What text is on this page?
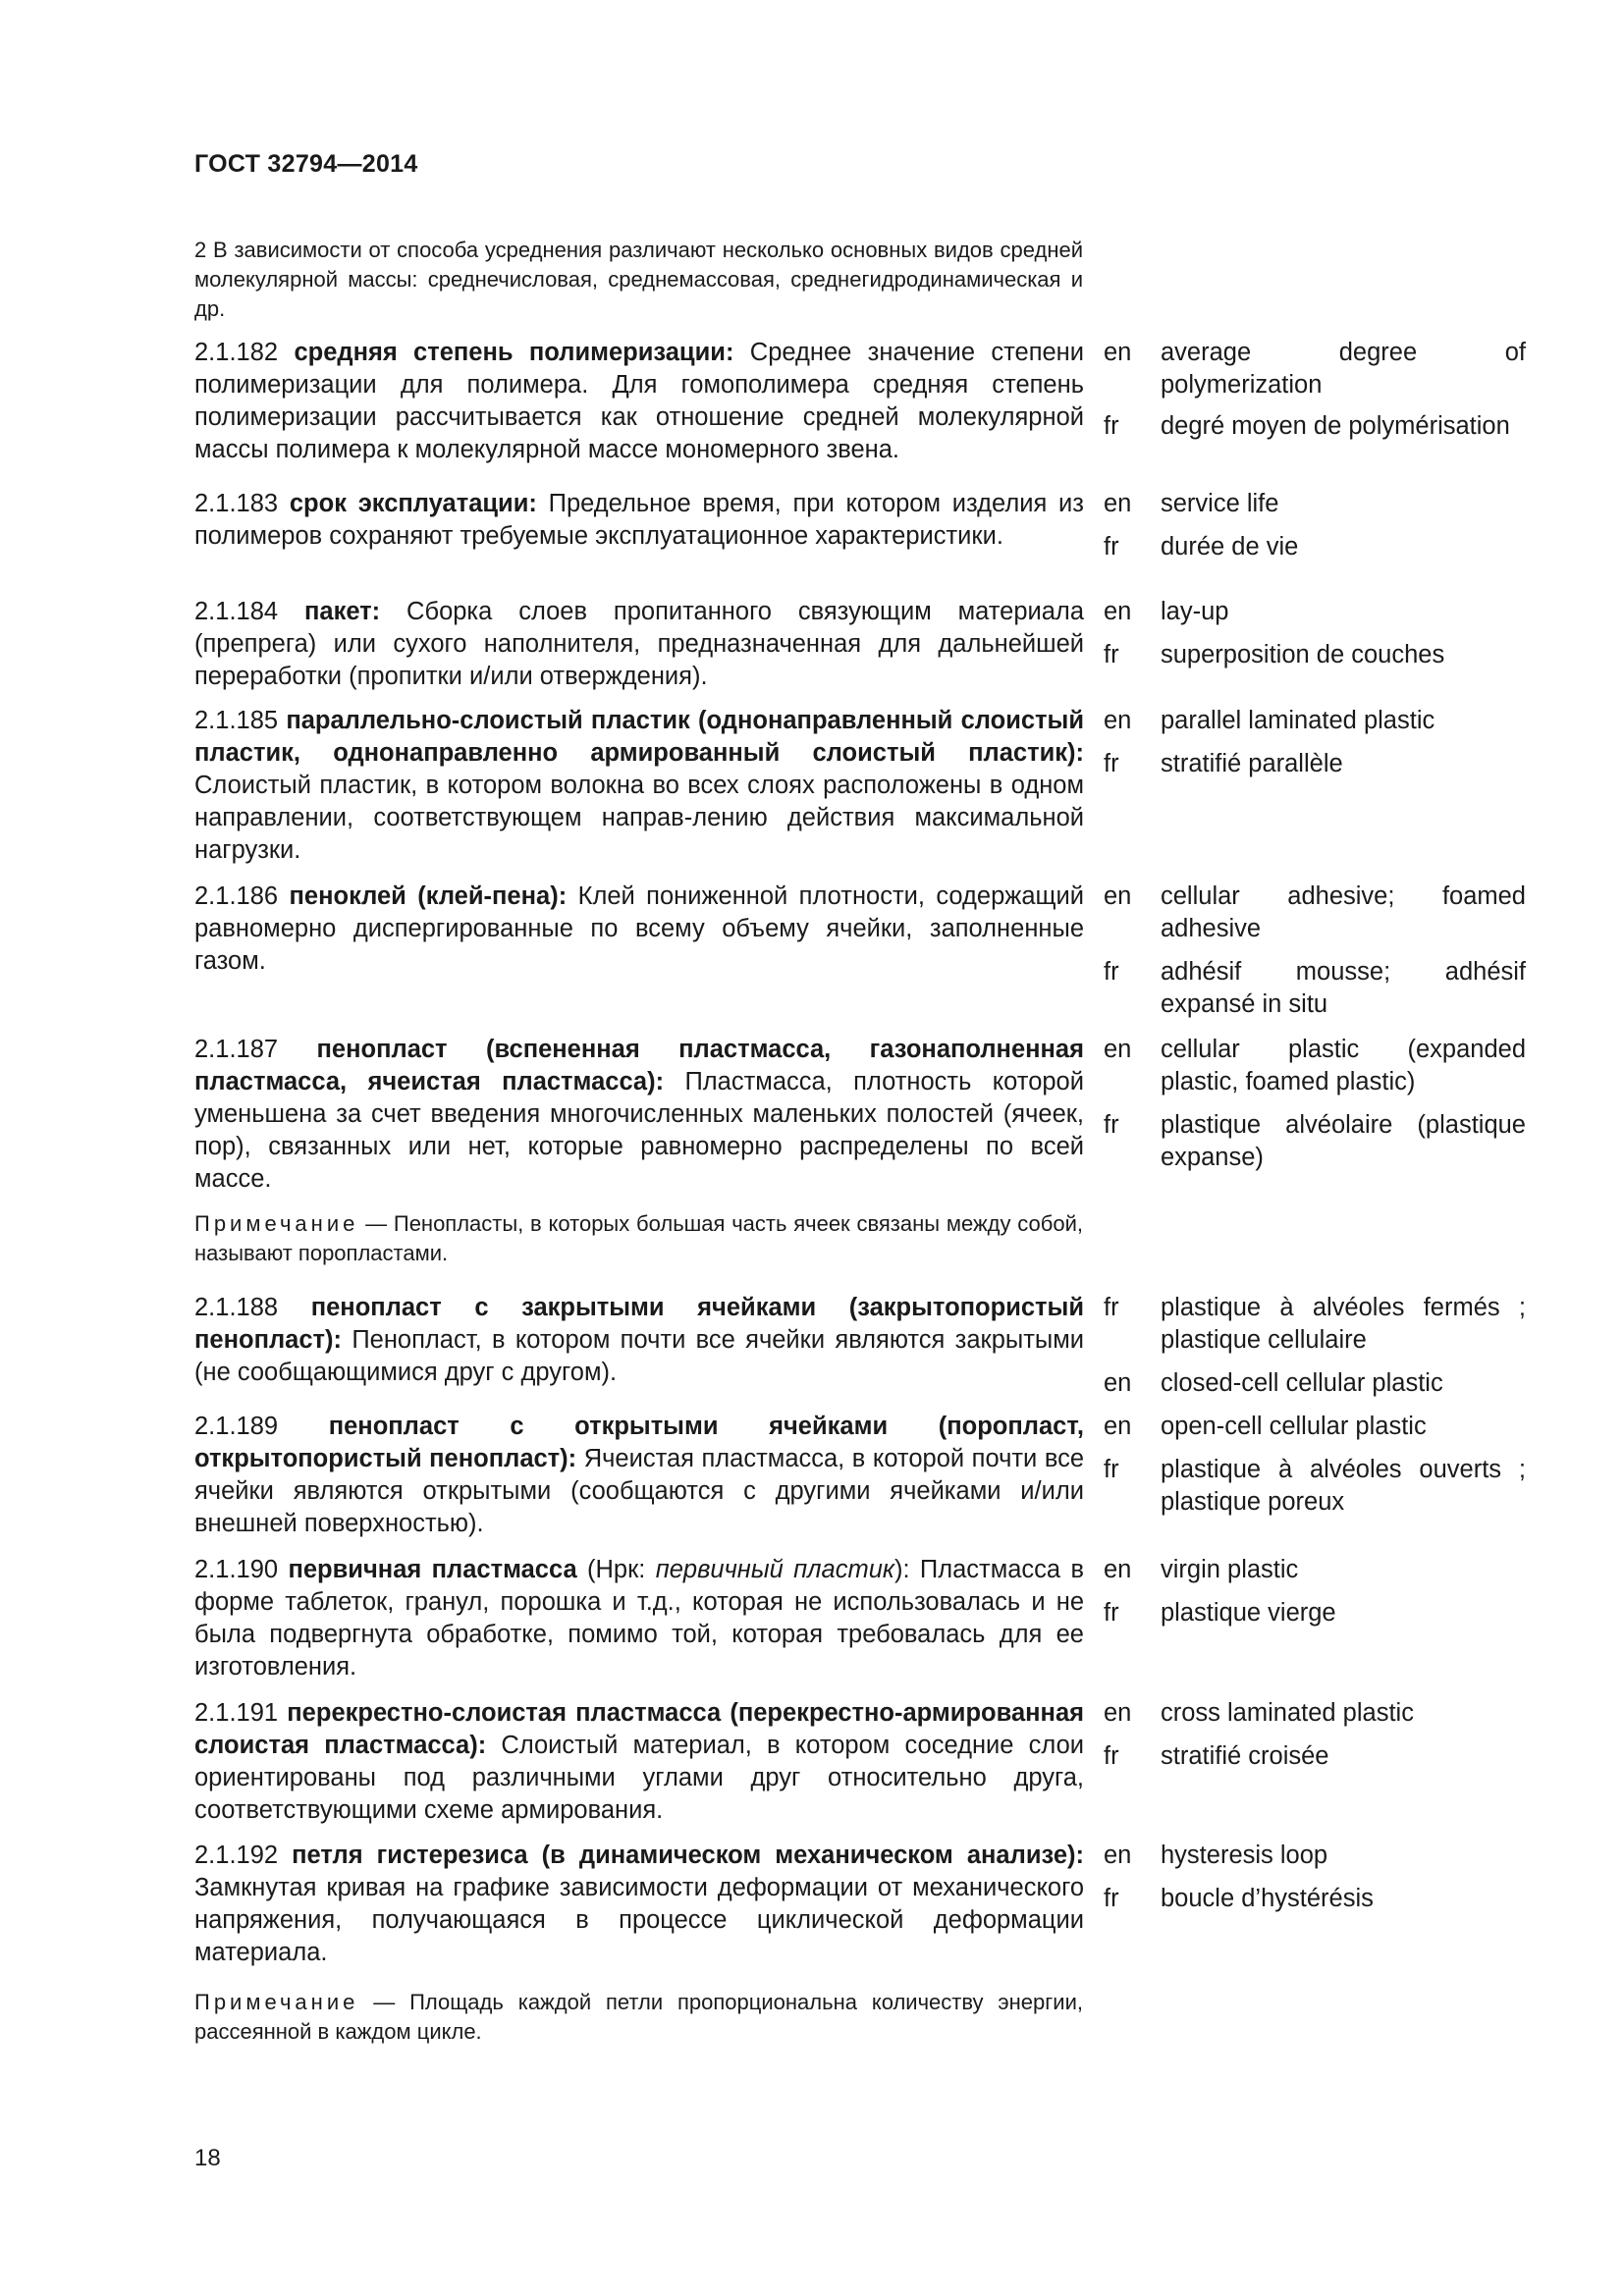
ГОСТ 32794—2014
2 В зависимости от способа усреднения различают несколько основных видов средней молекулярной массы: среднечисловая, среднемассовая, среднегидродинамическая и др.
2.1.182 средняя степень полимеризации: Среднее значение степени полимеризации для полимера. Для гомополимера средняя степень полимеризации рассчитывается как отношение средней молекулярной массы полимера к молекулярной массе мономерного звена.
en average degree of polymerization
fr degré moyen de polymérisation
2.1.183 срок эксплуатации: Предельное время, при котором изделия из полимеров сохраняют требуемые эксплуатационное характеристики.
en service life
fr durée de vie
2.1.184 пакет: Сборка слоев пропитанного связующим материала (препрега) или сухого наполнителя, предназначенная для дальнейшей переработки (пропитки и/или отверждения).
en lay-up
fr superposition de couches
2.1.185 параллельно-слоистый пластик (однонаправленный слоистый пластик, однонаправленно армированный слоистый пластик): Слоистый пластик, в котором волокна во всех слоях расположены в одном направлении, соответствующем направ-лению действия максимальной нагрузки.
en parallel laminated plastic
fr stratifié parallèle
2.1.186 пеноклей (клей-пена): Клей пониженной плотности, содержащий равномерно диспергированные по всему объему ячейки, заполненные газом.
en cellular adhesive; foamed adhesive
fr adhésif mousse; adhésif expansé in situ
2.1.187 пенопласт (вспененная пластмасса, газонаполненная пластмасса, ячеистая пластмасса): Пластмасса, плотность которой уменьшена за счет введения многочисленных маленьких полостей (ячеек, пор), связанных или нет, которые равномерно распределены по всей массе.
en cellular plastic (expanded plastic, foamed plastic)
fr plastique alvéolaire (plastique expanse)
Примечание — Пенопласты, в которых большая часть ячеек связаны между собой, называют поропластами.
2.1.188 пенопласт с закрытыми ячейками (закрытопористый пенопласт): Пенопласт, в котором почти все ячейки являются закрытыми (не сообщающимися друг с другом).
fr plastique à alvéoles fermés ; plastique cellulaire
en closed-cell cellular plastic
2.1.189 пенопласт с открытыми ячейками (поропласт, открытопористый пенопласт): Ячеистая пластмасса, в которой почти все ячейки являются открытыми (сообщаются с другими ячейками и/или внешней поверхностью).
en open-cell cellular plastic
fr plastique à alvéoles ouverts ; plastique poreux
2.1.190 первичная пластмасса (Нрк: первичный пластик): Пластмасса в форме таблеток, гранул, порошка и т.д., которая не использовалась и не была подвергнута обработке, помимо той, которая требовалась для ее изготовления.
en virgin plastic
fr plastique vierge
2.1.191 перекрестно-слоистая пластмасса (перекрестно-армированная слоистая пластмасса): Слоистый материал, в котором соседние слои ориентированы под различными углами друг относительно друга, соответствующими схеме армирования.
en cross laminated plastic
fr stratifié croisée
2.1.192 петля гистерезиса (в динамическом механическом анализе): Замкнутая кривая на графике зависимости деформации от механического напряжения, получающаяся в процессе циклической деформации материала.
en hysteresis loop
fr boucle d’hystérésis
Примечание — Площадь каждой петли пропорциональна количеству энергии, рассеянной в каждом цикле.
18
